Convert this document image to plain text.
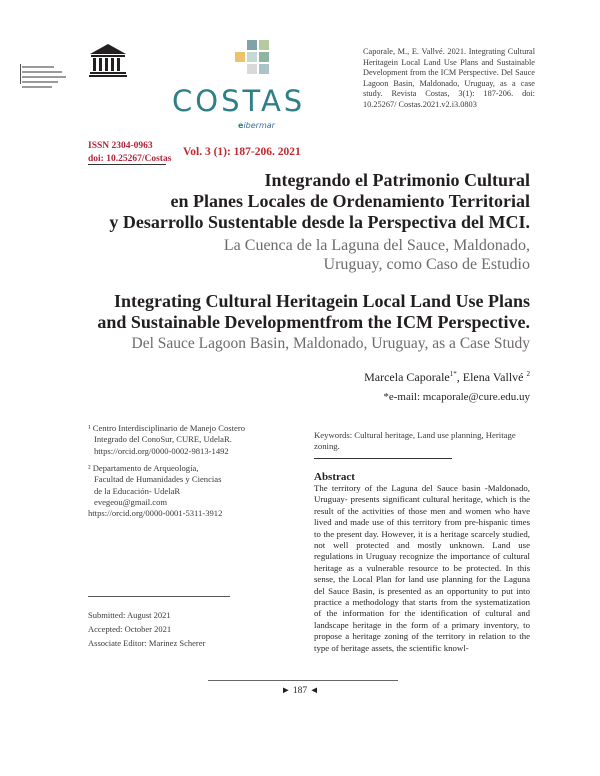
COSTAS
eibermar
Caporale, M., E. Vallvé. 2021. Integrating Cultural Heritagein Local Land Use Plans and Sustainable Development from the ICM Perspective. Del Sauce Lagoon Basin, Maldonado, Uruguay, as a case study. Revista Costas, 3(1): 187-206. doi: 10.25267/ Costas.2021.v2.i3.0803
ISSN 2304-0963
doi: 10.25267/Costas
Vol. 3 (1): 187-206. 2021
Integrando el Patrimonio Cultural
en Planes Locales de Ordenamiento Territorial
y Desarrollo Sustentable desde la Perspectiva del MCI.
La Cuenca de la Laguna del Sauce, Maldonado,
Uruguay, como Caso de Estudio
Integrating Cultural Heritagein Local Land Use Plans
and Sustainable Developmentfrom the ICM Perspective.
Del Sauce Lagoon Basin, Maldonado, Uruguay, as a Case Study
Marcela Caporale$^{1*}$, Elena Vallvé $^2$
*e-mail: mcaporale@cure.edu.uy
¹ Centro Interdisciplinario de Manejo Costero
Integrado del ConoSur, CURE, UdelaR.
https://orcid.org/0000-0002-9813-1492
² Departamento de Arqueología,
Facultad de Humanidades y Ciencias
de la Educación- UdelaR
evegeou@gmail.com
https://orcid.org/0000-0001-5311-3912
Submitted: August 2021
Accepted: October 2021
Associate Editor: Marinez Scherer
Keywords: Cultural heritage, Land use planning, Heritage zoning.
Abstract
The territory of the Laguna del Sauce basin -Maldonado, Uruguay- presents significant cultural heritage, which is the result of the activities of those men and women who have lived and made use of this territory from pre-hispanic times to the present day. However, it is a heritage scarcely studied, not well protected and mostly unknown. Land use regulations in Uruguay recognize the importance of cultural heritage as a vulnerable resource to be protected. In this sense, the Local Plan for land use planning for the Laguna del Sauce Basin, is presented as an opportunity to put into practice a methodology that starts from the systematization of the information for the identification of cultural and landscape heritage in the form of a primary inventory, to propose a heritage zoning of the territory in relation to the type of heritage assets, the scientific knowl-
► 187 ◄
